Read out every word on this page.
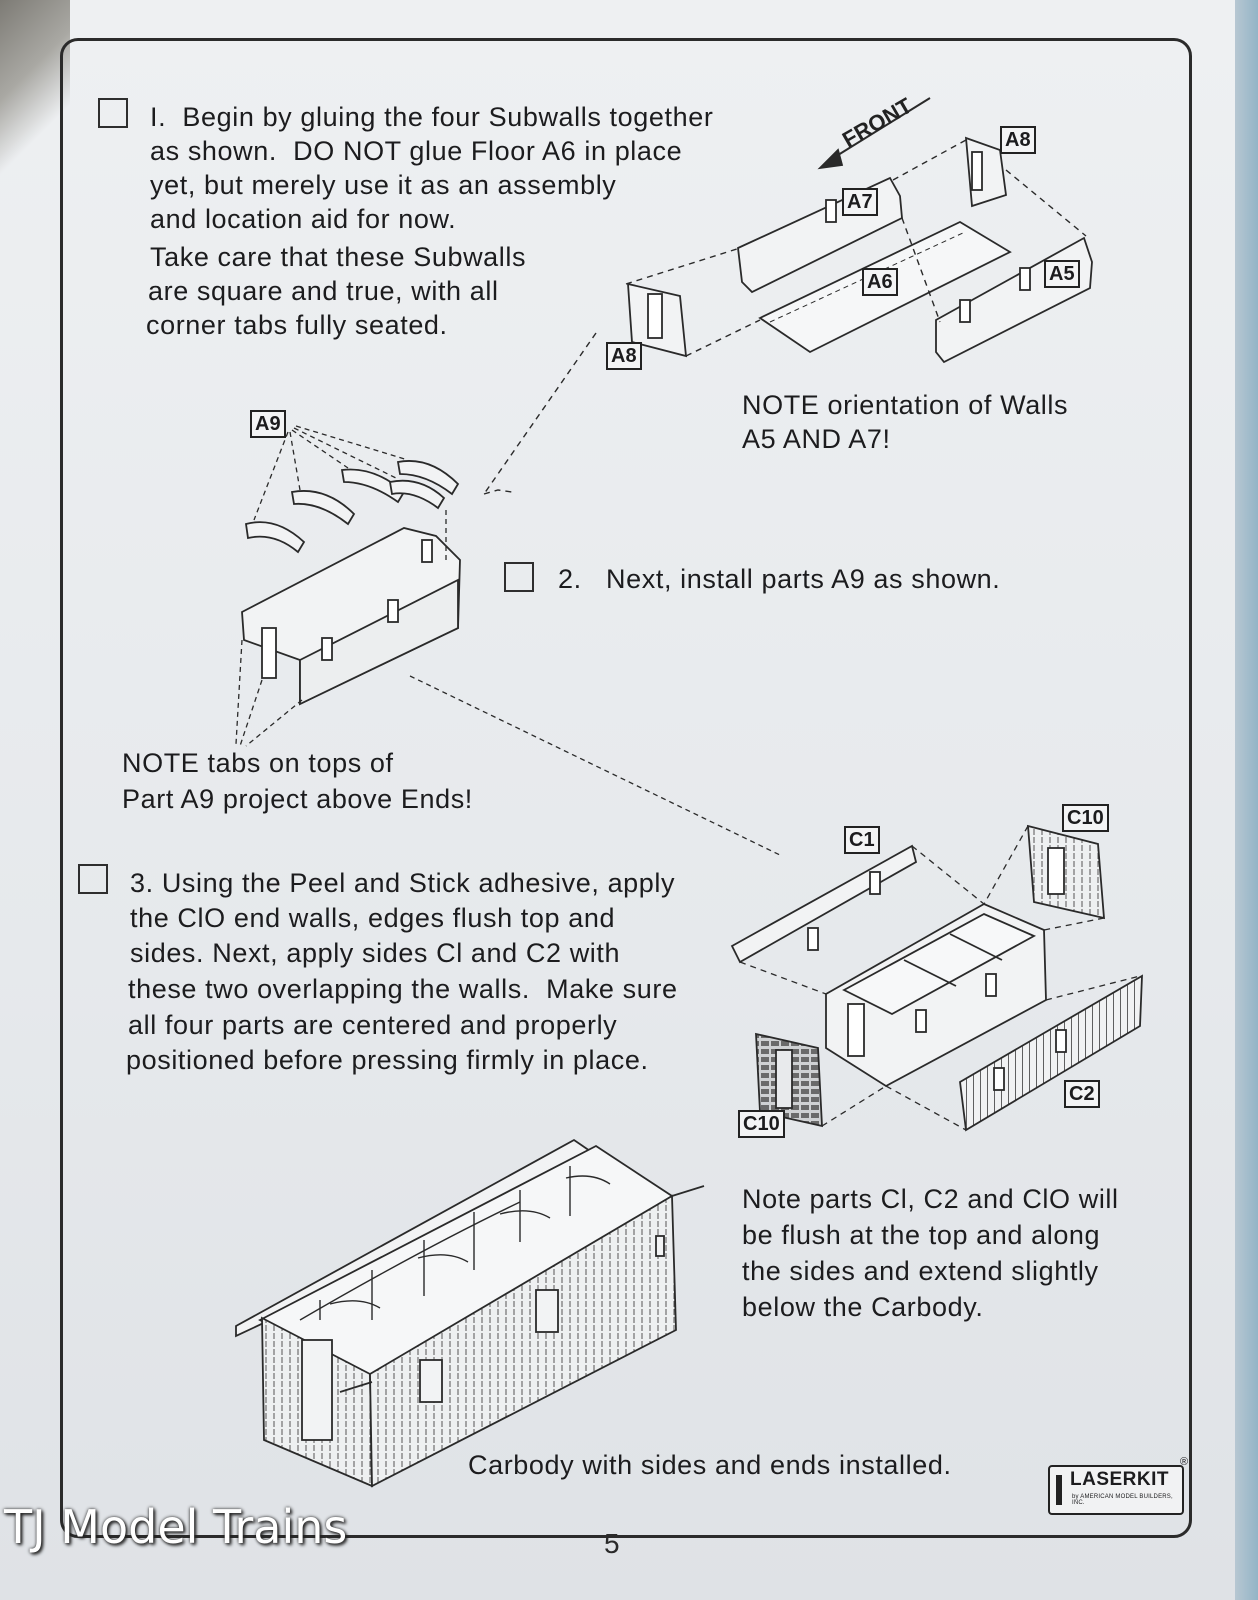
FRONT
I.  Begin by gluing the four Subwalls together
as shown.  DO NOT glue Floor A6 in place
yet, but merely use it as an assembly
and location aid for now.
Take care that these Subwalls
are square and true, with all
corner tabs fully seated.
A8
A7
A6	A5
A8
NOTE orientation of Walls
A5 AND A7!
A9
2.   Next, install parts A9 as shown.
NOTE tabs on tops of
Part A9 project above Ends!
3. Using the Peel and Stick adhesive, apply
the ClO end walls, edges flush top and
sides. Next, apply sides Cl and C2 with
these two overlapping the walls.  Make sure
all four parts are centered and properly
positioned before pressing firmly in place.
C1
C10
C2
C10
Note parts Cl, C2 and ClO will
be flush at the top and along
the sides and extend slightly
below the Carbody.
Carbody with sides and ends installed.	LASERKIT
by AMERICAN MODEL BUILDERS, INC.
®
5
TJ Model Trains
